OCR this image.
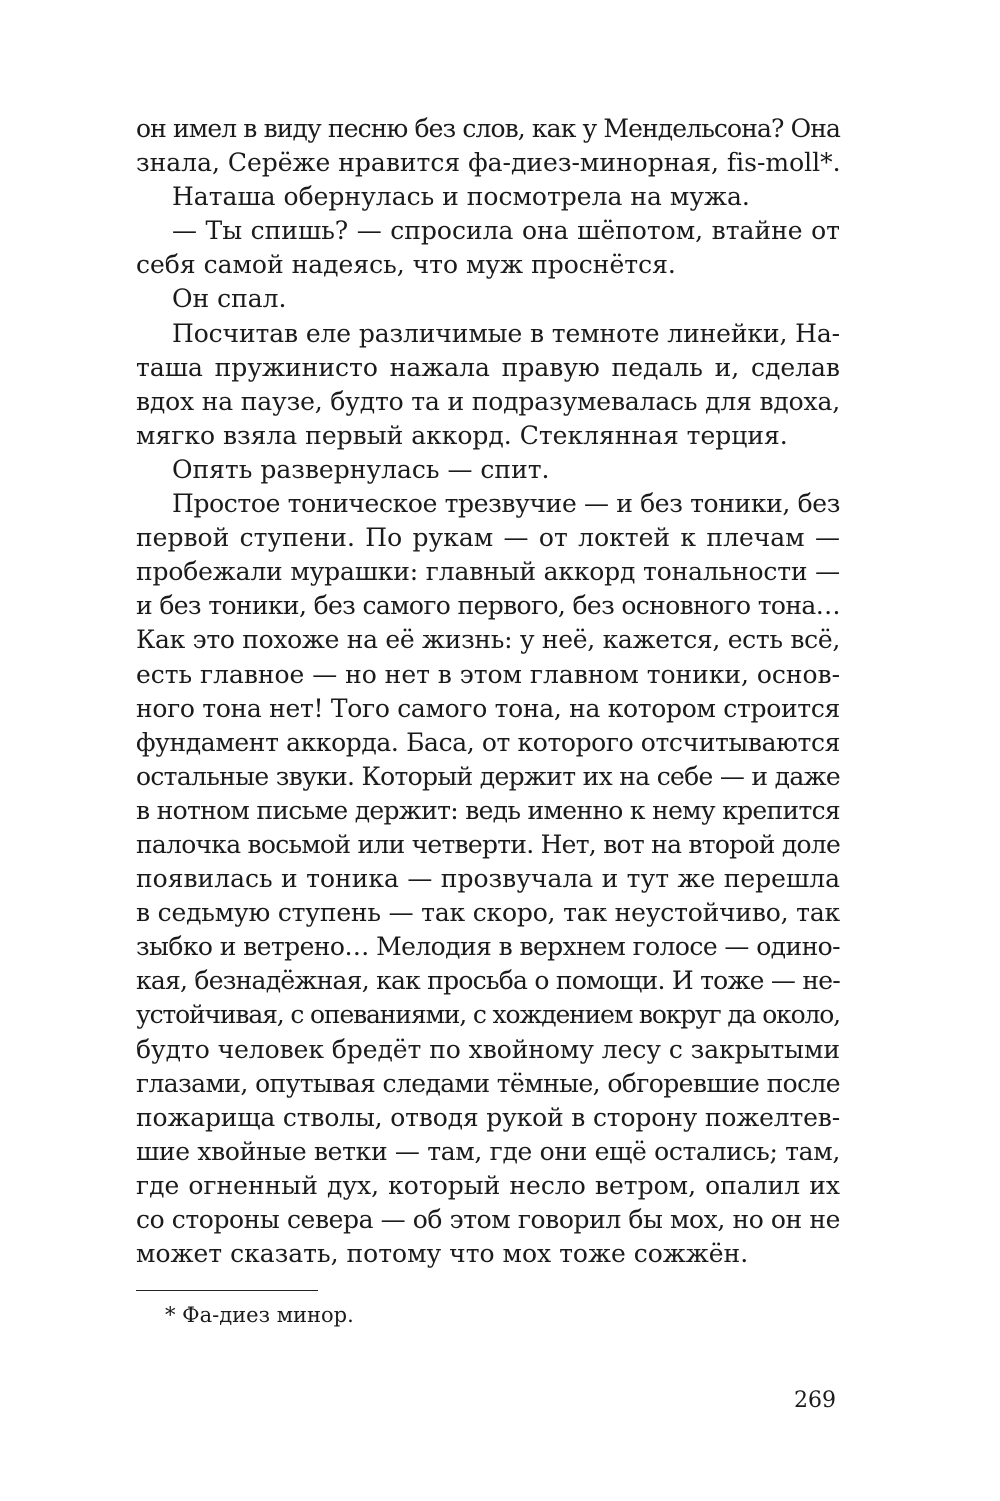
он имел в виду песню без слов, как у Мендельсона? Она
знала, Серёже нравится фа-диез-минорная, fis-moll*.
Наташа обернулась и посмотрела на мужа.
— Ты спишь? — спросила она шёпотом, втайне от
себя самой надеясь, что муж проснётся.
Он спал.
Посчитав еле различимые в темноте линейки, На-
таша пружинисто нажала правую педаль и, сделав
вдох на паузе, будто та и подразумевалась для вдоха,
мягко взяла первый аккорд. Стеклянная терция.
Опять развернулась — спит.
Простое тоническое трезвучие — и без тоники, без
первой ступени. По рукам — от локтей к плечам —
пробежали мурашки: главный аккорд тональности —
и без тоники, без самого первого, без основного тона…
Как это похоже на её жизнь: у неё, кажется, есть всё,
есть главное — но нет в этом главном тоники, основ-
ного тона нет! Того самого тона, на котором строится
фундамент аккорда. Баса, от которого отсчитываются
остальные звуки. Который держит их на себе — и даже
в нотном письме держит: ведь именно к нему крепится
палочка восьмой или четверти. Нет, вот на второй доле
появилась и тоника — прозвучала и тут же перешла
в седьмую ступень — так скоро, так неустойчиво, так
зыбко и ветрено… Мелодия в верхнем голосе — одино-
кая, безнадёжная, как просьба о помощи. И тоже — не-
устойчивая, с опеваниями, с хождением вокруг да около,
будто человек бредёт по хвойному лесу с закрытыми
глазами, опутывая следами тёмные, обгоревшие после
пожарища стволы, отводя рукой в сторону пожелтев-
шие хвойные ветки — там, где они ещё остались; там,
где огненный дух, который несло ветром, опалил их
со стороны севера — об этом говорил бы мох, но он не
может сказать, потому что мох тоже сожжён.
* Фа-диез минор.
269
